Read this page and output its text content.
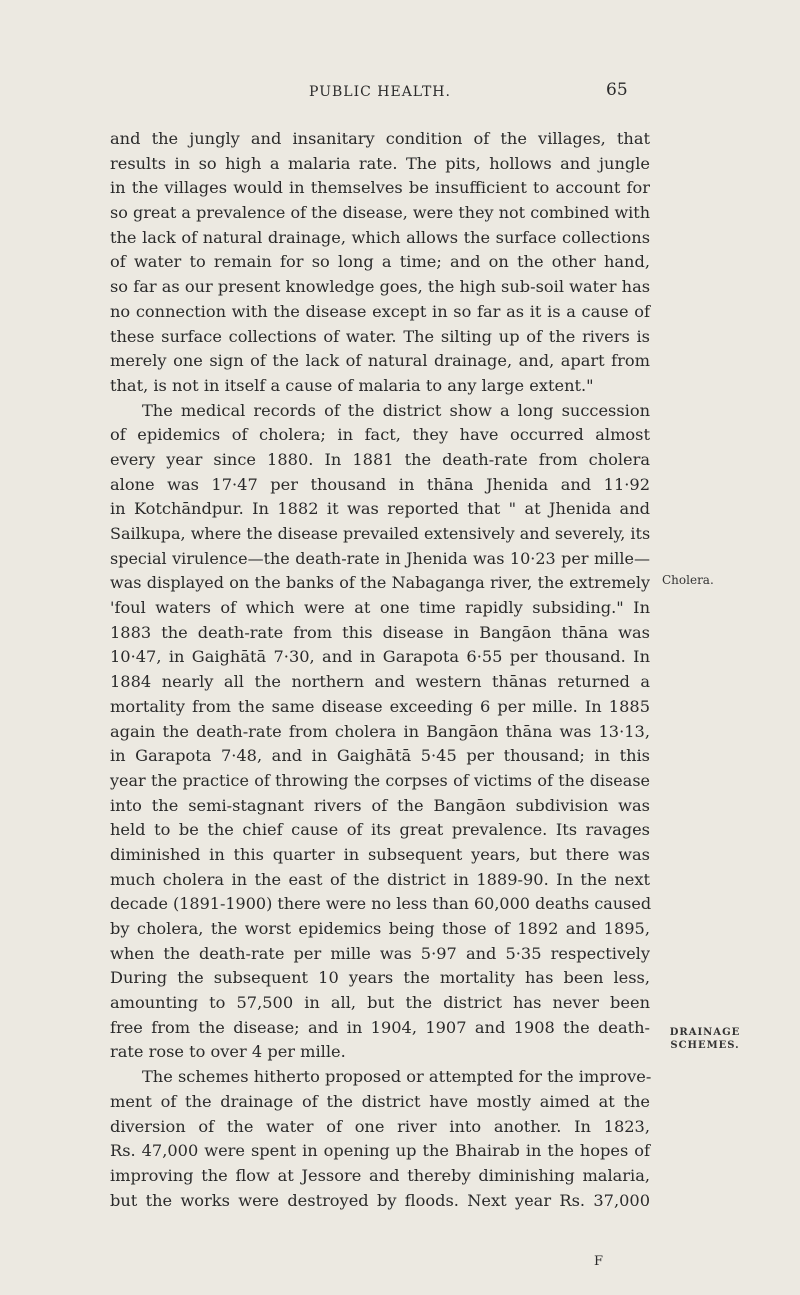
PUBLIC HEALTH.	65
and the jungly and insanitary condition of the villages, that
results in so high a malaria rate. The pits, hollows and jungle
in the villages would in themselves be insufficient to account for
so great a prevalence of the disease, were they not combined with
the lack of natural drainage, which allows the surface collections
of water to remain for so long a time; and on the other hand,
so far as our present knowledge goes, the high sub-soil water has
no connection with the disease except in so far as it is a cause of
these surface collections of water. The silting up of the rivers is
merely one sign of the lack of natural drainage, and, apart from
that, is not in itself a cause of malaria to any large extent."
The medical records of the district show a long succession
of epidemics of cholera; in fact, they have occurred almost
every year since 1880. In 1881 the death-rate from cholera
alone was 17·47 per thousand in thāna Jhenida and 11·92
in Kotchāndpur. In 1882 it was reported that " at Jhenida and
Sailkupa, where the disease prevailed extensively and severely, its
special virulence—the death-rate in Jhenida was 10·23 per mille—
was displayed on the banks of the Nabaganga river, the extremely
'foul waters of which were at one time rapidly subsiding." In
1883 the death-rate from this disease in Bangāon thāna was
10·47, in Gaighātā 7·30, and in Garapota 6·55 per thousand. In
1884 nearly all the northern and western thānas returned a
mortality from the same disease exceeding 6 per mille. In 1885
again the death-rate from cholera in Bangāon thāna was 13·13,
in Garapota 7·48, and in Gaighātā 5·45 per thousand; in this
year the practice of throwing the corpses of victims of the disease
into the semi-stagnant rivers of the Bangāon subdivision was
held to be the chief cause of its great prevalence. Its ravages
diminished in this quarter in subsequent years, but there was
much cholera in the east of the district in 1889-90. In the next
decade (1891-1900) there were no less than 60,000 deaths caused
by cholera, the worst epidemics being those of 1892 and 1895,
when the death-rate per mille was 5·97 and 5·35 respectively
During the subsequent 10 years the mortality has been less,
amounting to 57,500 in all, but the district has never been
free from the disease; and in 1904, 1907 and 1908 the death-
rate rose to over 4 per mille.
The schemes hitherto proposed or attempted for the improve-
ment of the drainage of the district have mostly aimed at the
diversion of the water of one river into another. In 1823,
Rs. 47,000 were spent in opening up the Bhairab in the hopes of
improving the flow at Jessore and thereby diminishing malaria,
but the works were destroyed by floods. Next year Rs. 37,000
Cholera.
DRAINAGE SCHEMES.
F
